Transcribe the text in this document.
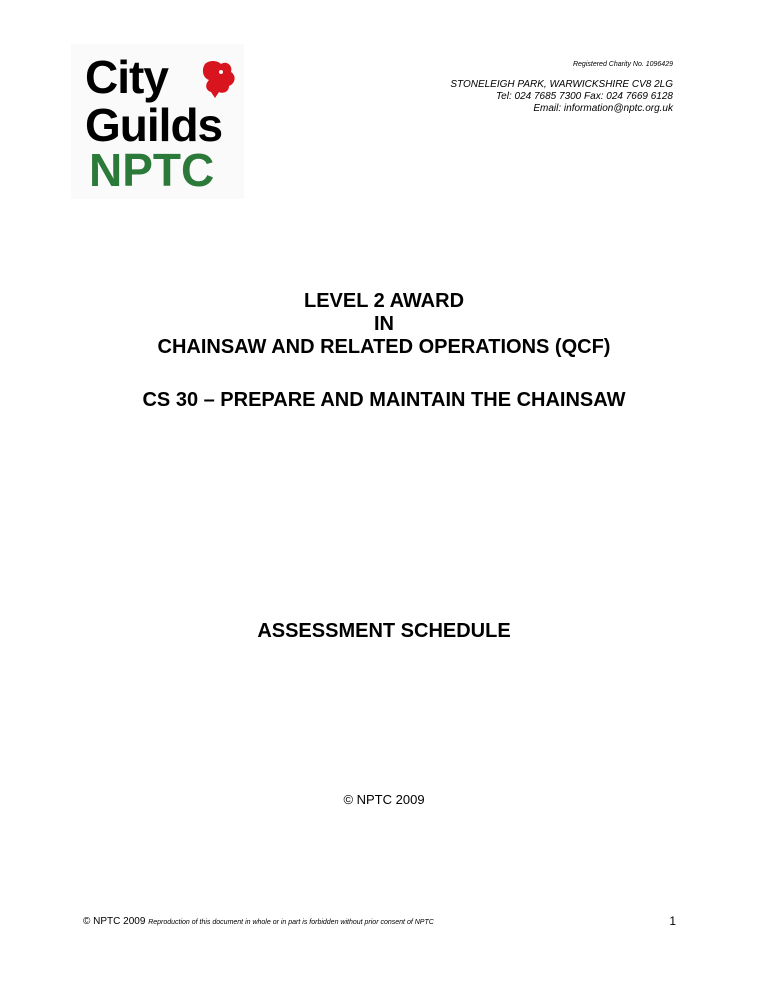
City
Guilds
NPTC
Registered Charity No. 1096429
STONELEIGH PARK, WARWICKSHIRE CV8 2LG
Tel: 024 7685 7300 Fax: 024 7669 6128
Email: information@nptc.org.uk
LEVEL 2 AWARD
IN
CHAINSAW AND RELATED OPERATIONS (QCF)
CS 30 – PREPARE AND MAINTAIN THE CHAINSAW
ASSESSMENT SCHEDULE
© NPTC 2009
© NPTC 2009 Reproduction of this document in whole or in part is forbidden without prior consent of NPTC	1
